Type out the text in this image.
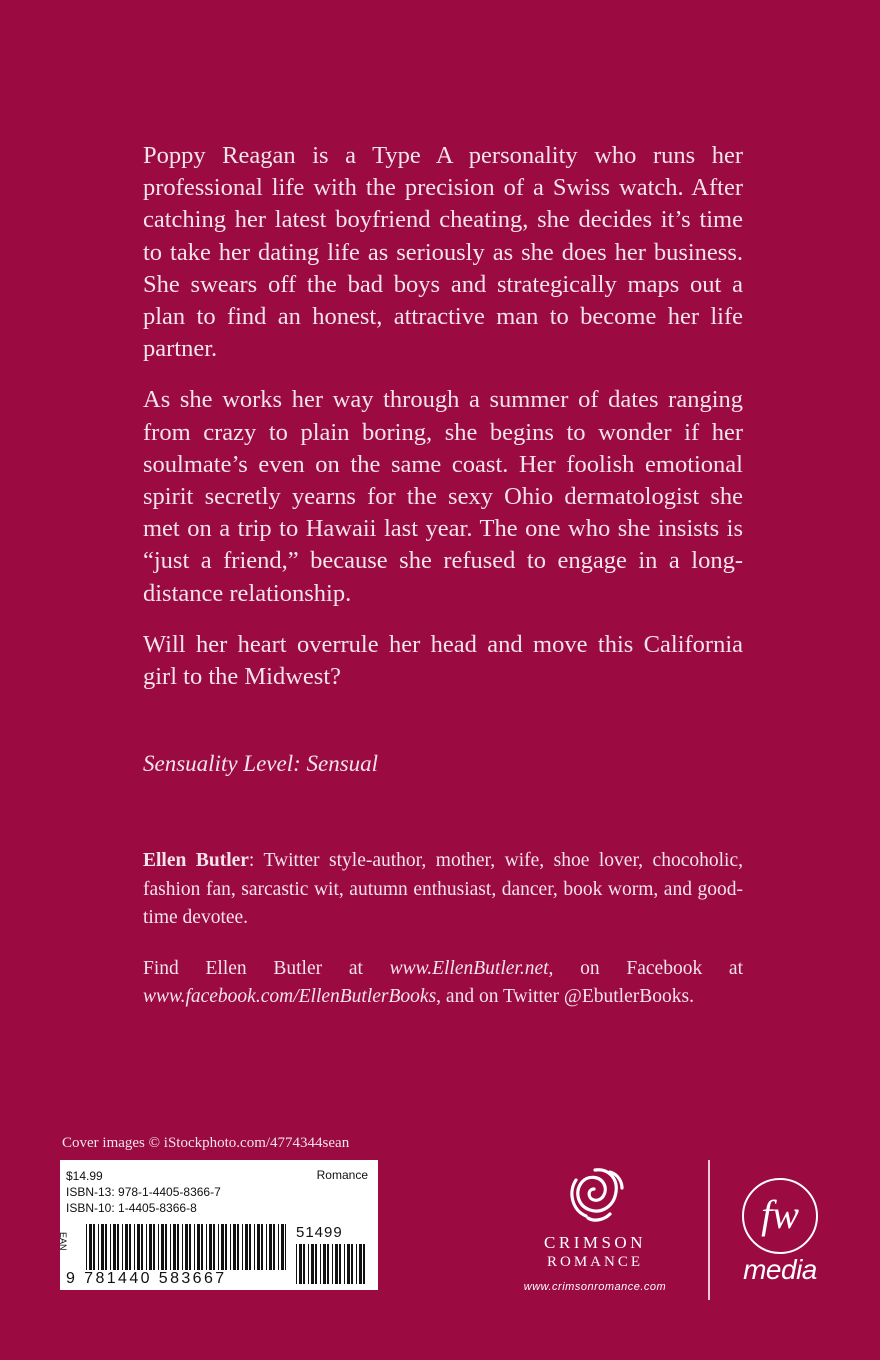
Poppy Reagan is a Type A personality who runs her professional life with the precision of a Swiss watch. After catching her latest boyfriend cheating, she decides it’s time to take her dating life as seriously as she does her business. She swears off the bad boys and strategically maps out a plan to find an honest, attractive man to become her life partner.

As she works her way through a summer of dates ranging from crazy to plain boring, she begins to wonder if her soulmate’s even on the same coast. Her foolish emotional spirit secretly yearns for the sexy Ohio dermatologist she met on a trip to Hawaii last year. The one who she insists is “just a friend,” because she refused to engage in a long-distance relationship.

Will her heart overrule her head and move this California girl to the Midwest?

Sensuality Level: Sensual

Ellen Butler: Twitter style-author, mother, wife, shoe lover, chocoholic, fashion fan, sarcastic wit, autumn enthusiast, dancer, book worm, and good-time devotee.

Find Ellen Butler at www.EllenButler.net, on Facebook at www.facebook.com/EllenButlerBooks, and on Twitter @EbutlerBooks.

Cover images © iStockphoto.com/4774344sean
$14.99
ISBN-13: 978-1-4405-8366-7
ISBN-10: 1-4405-8366-8
Romance
EAN	51499
9 781440 583667
CRIMSON
ROMANCE
www.crimsonromance.com
fw
media
